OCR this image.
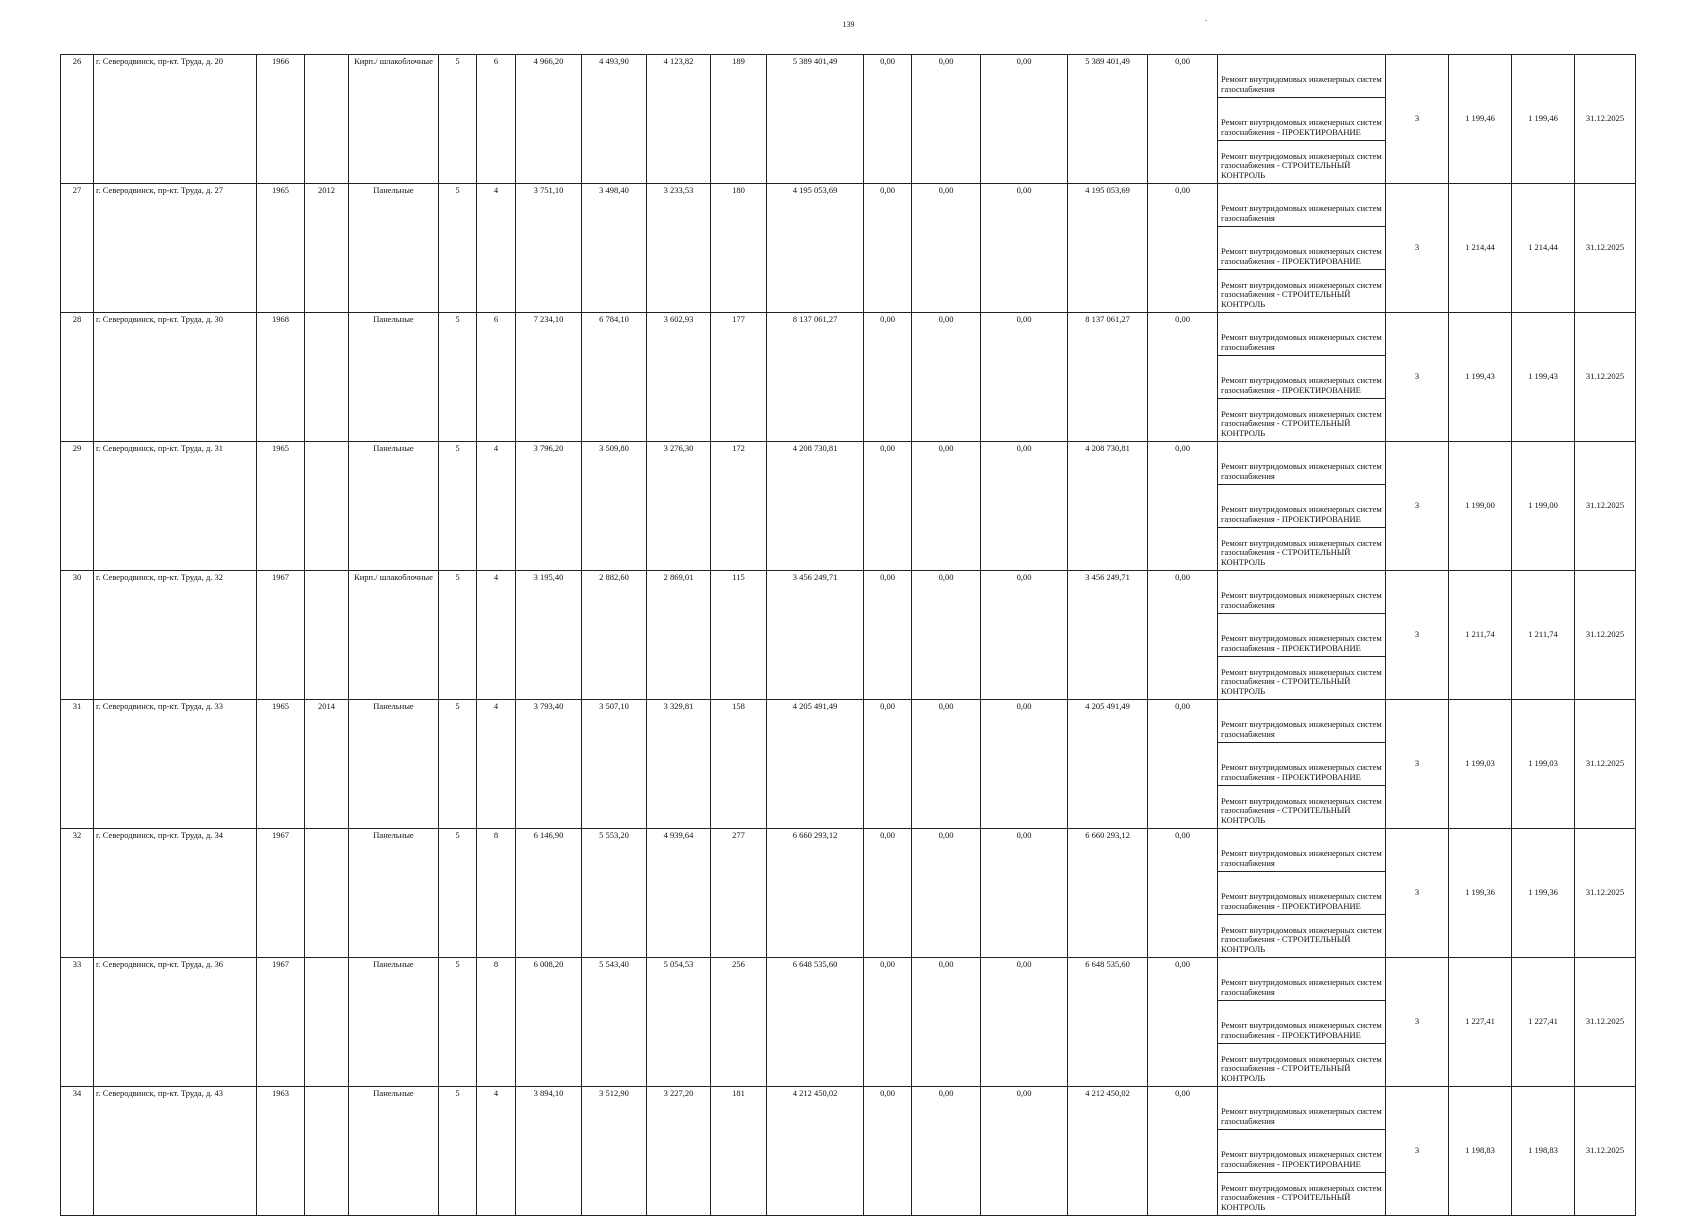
139
.
26	г. Северодвинск, пр-кт. Труда, д. 20	1966		Кирп./ шлакоблочные	5	6	4 966,20	4 493,90	4 123,82	189	5 389 401,49	0,00	0,00	0,00	5 389 401,49	0,00	Ремонт внутридомовых инженерных систем газоснабжения	3	1 199,46	1 199,46	31.12.2025
																	Ремонт внутридомовых инженерных систем газоснабжения - ПРОЕКТИРОВАНИЕ				
																	Ремонт внутридомовых инженерных систем газоснабжения - СТРОИТЕЛЬНЫЙ КОНТРОЛЬ				
27	г. Северодвинск, пр-кт. Труда, д. 27	1965	2012	Панельные	5	4	3 751,10	3 498,40	3 233,53	180	4 195 053,69	0,00	0,00	0,00	4 195 053,69	0,00	Ремонт внутридомовых инженерных систем газоснабжения	3	1 214,44	1 214,44	31.12.2025
																	Ремонт внутридомовых инженерных систем газоснабжения - ПРОЕКТИРОВАНИЕ				
																	Ремонт внутридомовых инженерных систем газоснабжения - СТРОИТЕЛЬНЫЙ КОНТРОЛЬ				
28	г. Северодвинск, пр-кт. Труда, д. 30	1968		Панельные	5	6	7 234,10	6 784,10	3 602,93	177	8 137 061,27	0,00	0,00	0,00	8 137 061,27	0,00	Ремонт внутридомовых инженерных систем газоснабжения	3	1 199,43	1 199,43	31.12.2025
																	Ремонт внутридомовых инженерных систем газоснабжения - ПРОЕКТИРОВАНИЕ				
																	Ремонт внутридомовых инженерных систем газоснабжения - СТРОИТЕЛЬНЫЙ КОНТРОЛЬ				
29	г. Северодвинск, пр-кт. Труда, д. 31	1965		Панельные	5	4	3 796,20	3 509,80	3 276,30	172	4 208 730,81	0,00	0,00	0,00	4 208 730,81	0,00	Ремонт внутридомовых инженерных систем газоснабжения	3	1 199,00	1 199,00	31.12.2025
																	Ремонт внутридомовых инженерных систем газоснабжения - ПРОЕКТИРОВАНИЕ				
																	Ремонт внутридомовых инженерных систем газоснабжения - СТРОИТЕЛЬНЫЙ КОНТРОЛЬ				
30	г. Северодвинск, пр-кт. Труда, д. 32	1967		Кирп./ шлакоблочные	5	4	3 195,40	2 882,60	2 869,01	115	3 456 249,71	0,00	0,00	0,00	3 456 249,71	0,00	Ремонт внутридомовых инженерных систем газоснабжения	3	1 211,74	1 211,74	31.12.2025
																	Ремонт внутридомовых инженерных систем газоснабжения - ПРОЕКТИРОВАНИЕ				
																	Ремонт внутридомовых инженерных систем газоснабжения - СТРОИТЕЛЬНЫЙ КОНТРОЛЬ				
31	г. Северодвинск, пр-кт. Труда, д. 33	1965	2014	Панельные	5	4	3 793,40	3 507,10	3 329,81	158	4 205 491,49	0,00	0,00	0,00	4 205 491,49	0,00	Ремонт внутридомовых инженерных систем газоснабжения	3	1 199,03	1 199,03	31.12.2025
																	Ремонт внутридомовых инженерных систем газоснабжения - ПРОЕКТИРОВАНИЕ				
																	Ремонт внутридомовых инженерных систем газоснабжения - СТРОИТЕЛЬНЫЙ КОНТРОЛЬ				
32	г. Северодвинск, пр-кт. Труда, д. 34	1967		Панельные	5	8	6 146,90	5 553,20	4 939,64	277	6 660 293,12	0,00	0,00	0,00	6 660 293,12	0,00	Ремонт внутридомовых инженерных систем газоснабжения	3	1 199,36	1 199,36	31.12.2025
																	Ремонт внутридомовых инженерных систем газоснабжения - ПРОЕКТИРОВАНИЕ				
																	Ремонт внутридомовых инженерных систем газоснабжения - СТРОИТЕЛЬНЫЙ КОНТРОЛЬ				
33	г. Северодвинск, пр-кт. Труда, д. 36	1967		Панельные	5	8	6 008,20	5 543,40	5 054,53	256	6 648 535,60	0,00	0,00	0,00	6 648 535,60	0,00	Ремонт внутридомовых инженерных систем газоснабжения	3	1 227,41	1 227,41	31.12.2025
																	Ремонт внутридомовых инженерных систем газоснабжения - ПРОЕКТИРОВАНИЕ				
																	Ремонт внутридомовых инженерных систем газоснабжения - СТРОИТЕЛЬНЫЙ КОНТРОЛЬ				
34	г. Северодвинск, пр-кт. Труда, д. 43	1963		Панельные	5	4	3 894,10	3 512,90	3 227,20	181	4 212 450,02	0,00	0,00	0,00	4 212 450,02	0,00	Ремонт внутридомовых инженерных систем газоснабжения	3	1 198,83	1 198,83	31.12.2025
																	Ремонт внутридомовых инженерных систем газоснабжения - ПРОЕКТИРОВАНИЕ				
																	Ремонт внутридомовых инженерных систем газоснабжения - СТРОИТЕЛЬНЫЙ КОНТРОЛЬ				
